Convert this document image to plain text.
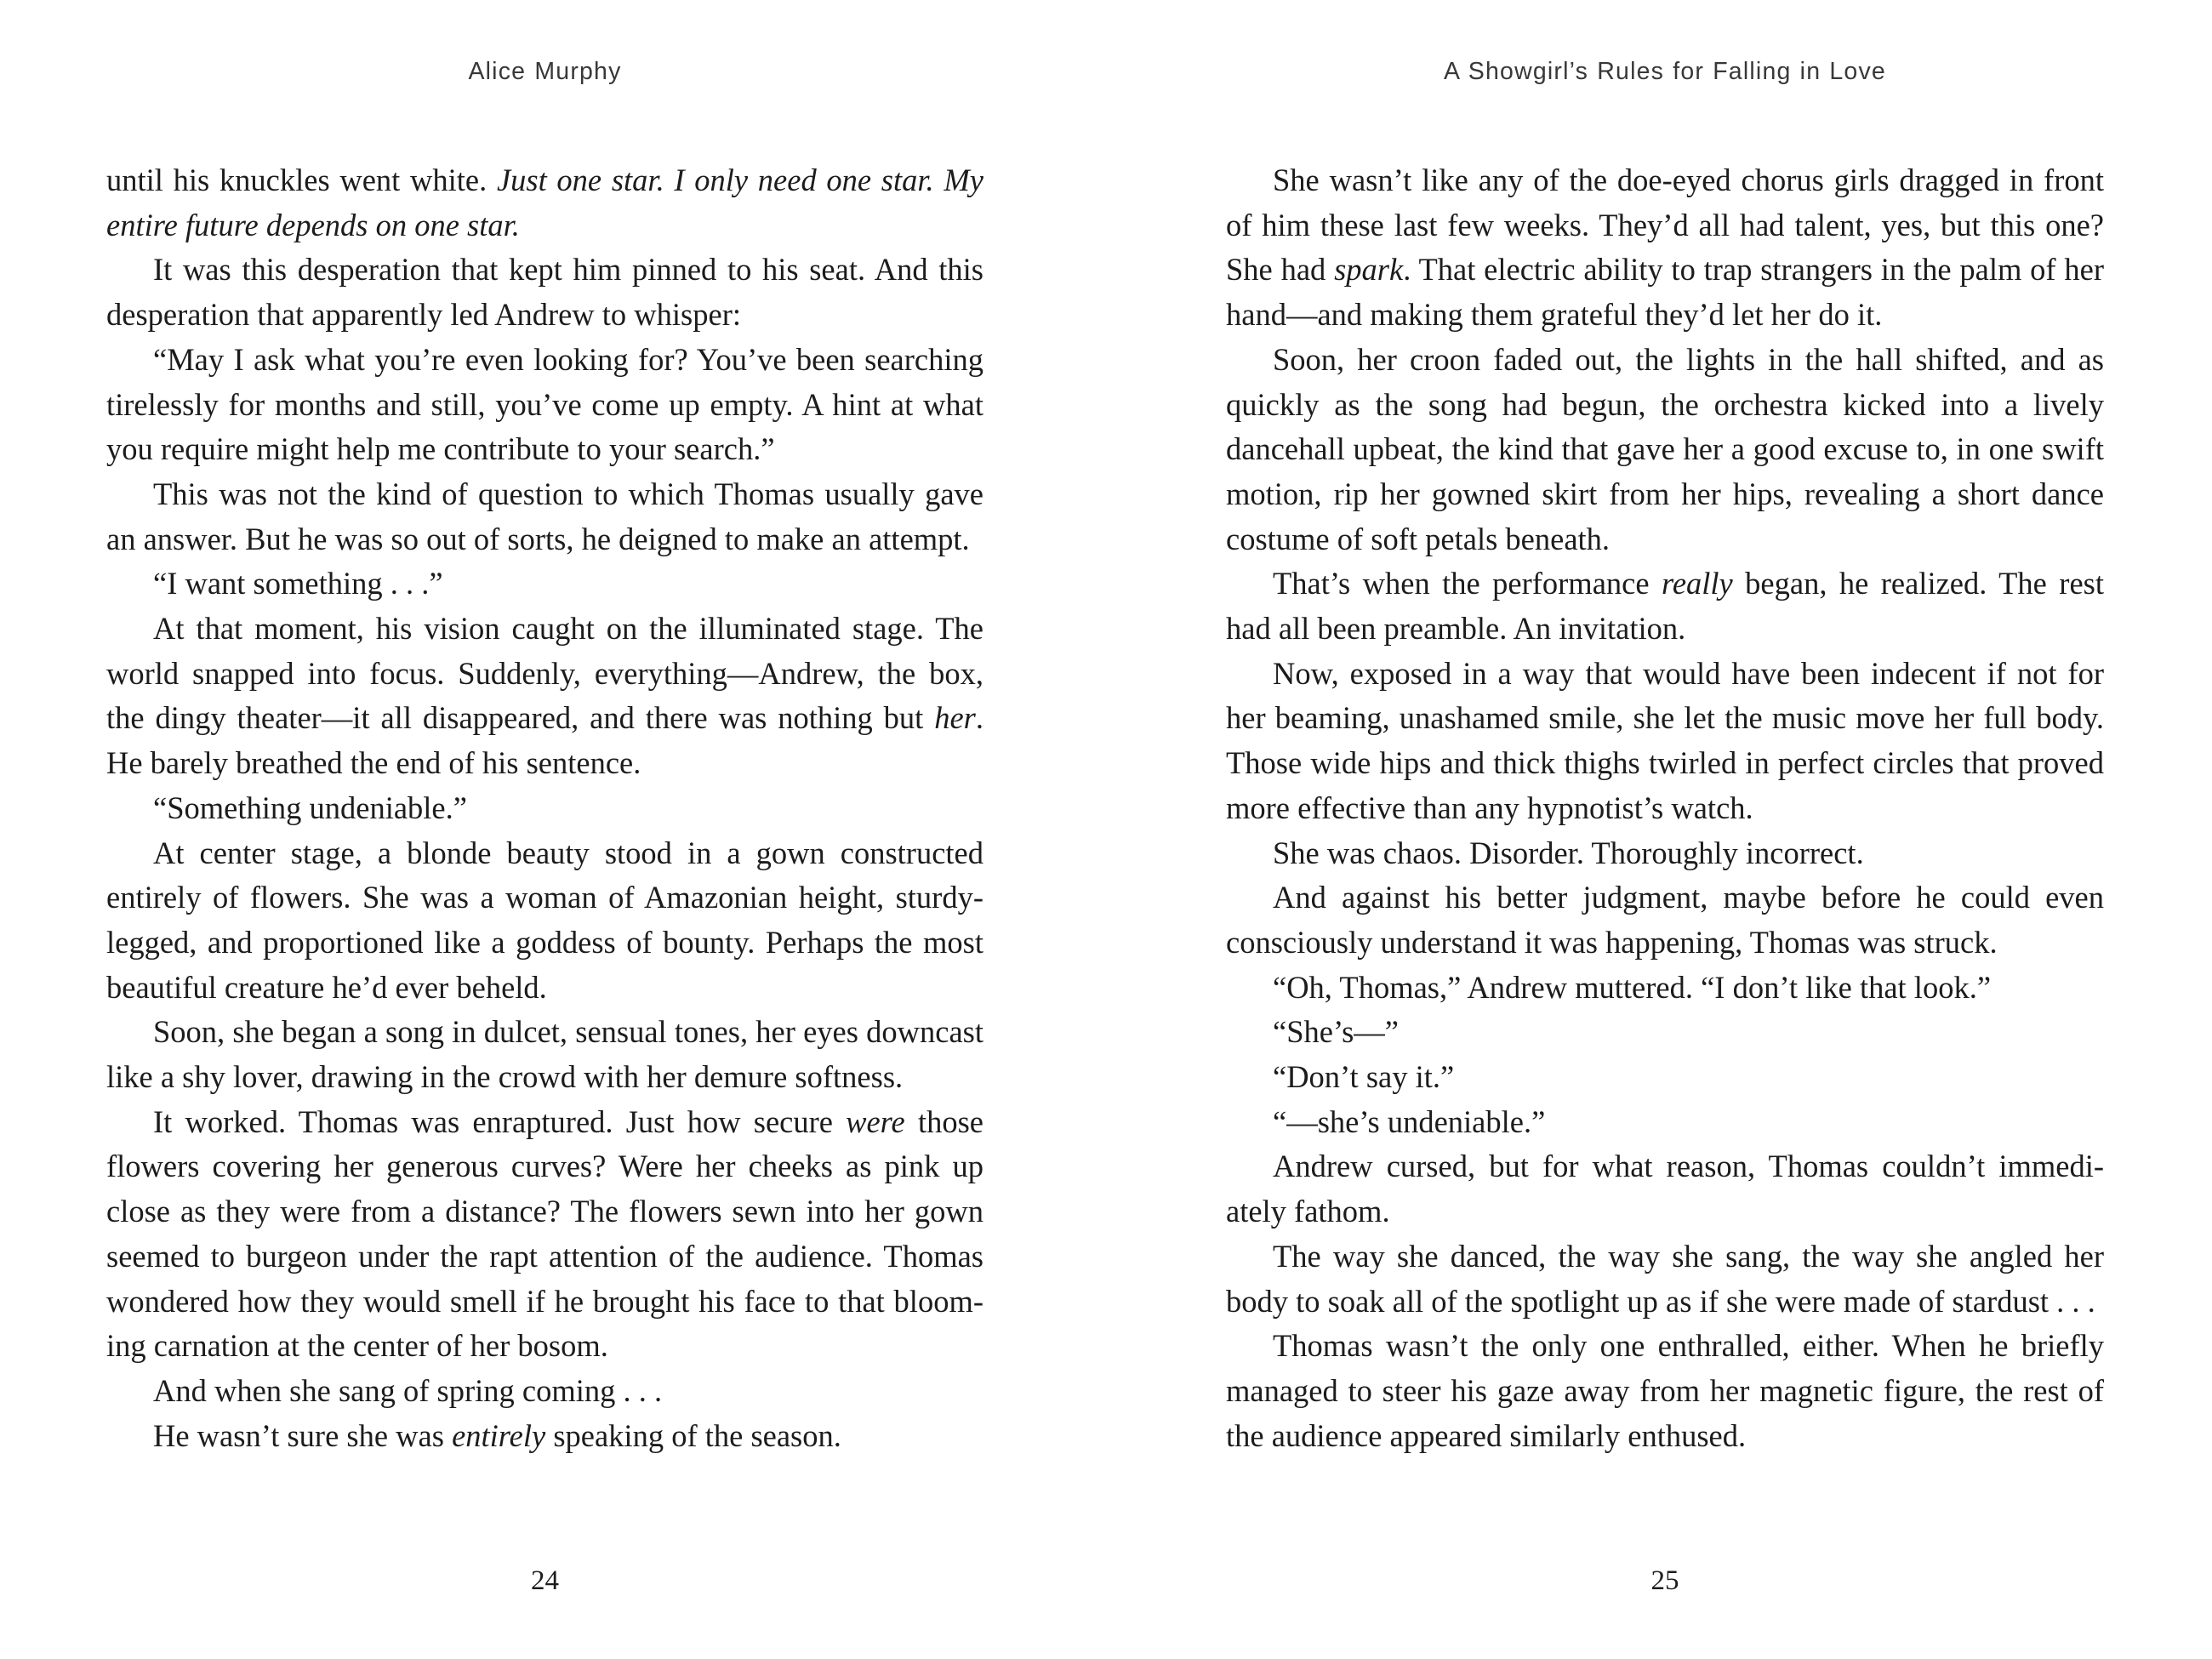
Alice Murphy
until his knuckles went white. Just one star. I only need one star. My
entire future depends on one star.
It was this desperation that kept him pinned to his seat. And this
desperation that apparently led Andrew to whisper:
“May I ask what you’re even looking for? You’ve been searching
tirelessly for months and still, you’ve come up empty. A hint at what
you require might help me contribute to your search.”
This was not the kind of question to which Thomas usually gave
an answer. But he was so out of sorts, he deigned to make an attempt.
“I want something . . .”
At that moment, his vision caught on the illuminated stage. The
world snapped into focus. Suddenly, everything—Andrew, the box,
the dingy theater—it all disappeared, and there was nothing but her.
He barely breathed the end of his sentence.
“Something undeniable.”
At center stage, a blonde beauty stood in a gown constructed
entirely of flowers. She was a woman of Amazonian height, sturdy-
legged, and proportioned like a goddess of bounty. Perhaps the most
beautiful creature he’d ever beheld.
Soon, she began a song in dulcet, sensual tones, her eyes downcast
like a shy lover, drawing in the crowd with her demure softness.
It worked. Thomas was enraptured. Just how secure were those
flowers covering her generous curves? Were her cheeks as pink up
close as they were from a distance? The flowers sewn into her gown
seemed to burgeon under the rapt attention of the audience. Thomas
wondered how they would smell if he brought his face to that bloom-
ing carnation at the center of her bosom.
And when she sang of spring coming . . .
He wasn’t sure she was entirely speaking of the season.
24
A Showgirl’s Rules for Falling in Love
She wasn’t like any of the doe-eyed chorus girls dragged in front
of him these last few weeks. They’d all had talent, yes, but this one?
She had spark. That electric ability to trap strangers in the palm of her
hand—and making them grateful they’d let her do it.
Soon, her croon faded out, the lights in the hall shifted, and as
quickly as the song had begun, the orchestra kicked into a lively
dancehall upbeat, the kind that gave her a good excuse to, in one swift
motion, rip her gowned skirt from her hips, revealing a short dance
costume of soft petals beneath.
That’s when the performance really began, he realized. The rest
had all been preamble. An invitation.
Now, exposed in a way that would have been indecent if not for
her beaming, unashamed smile, she let the music move her full body.
Those wide hips and thick thighs twirled in perfect circles that proved
more effective than any hypnotist’s watch.
She was chaos. Disorder. Thoroughly incorrect.
And against his better judgment, maybe before he could even
consciously understand it was happening, Thomas was struck.
“Oh, Thomas,” Andrew muttered. “I don’t like that look.”
“She’s—”
“Don’t say it.”
“—she’s undeniable.”
Andrew cursed, but for what reason, Thomas couldn’t immedi-
ately fathom.
The way she danced, the way she sang, the way she angled her
body to soak all of the spotlight up as if she were made of stardust . . .
Thomas wasn’t the only one enthralled, either. When he briefly
managed to steer his gaze away from her magnetic figure, the rest of
the audience appeared similarly enthused.
25
